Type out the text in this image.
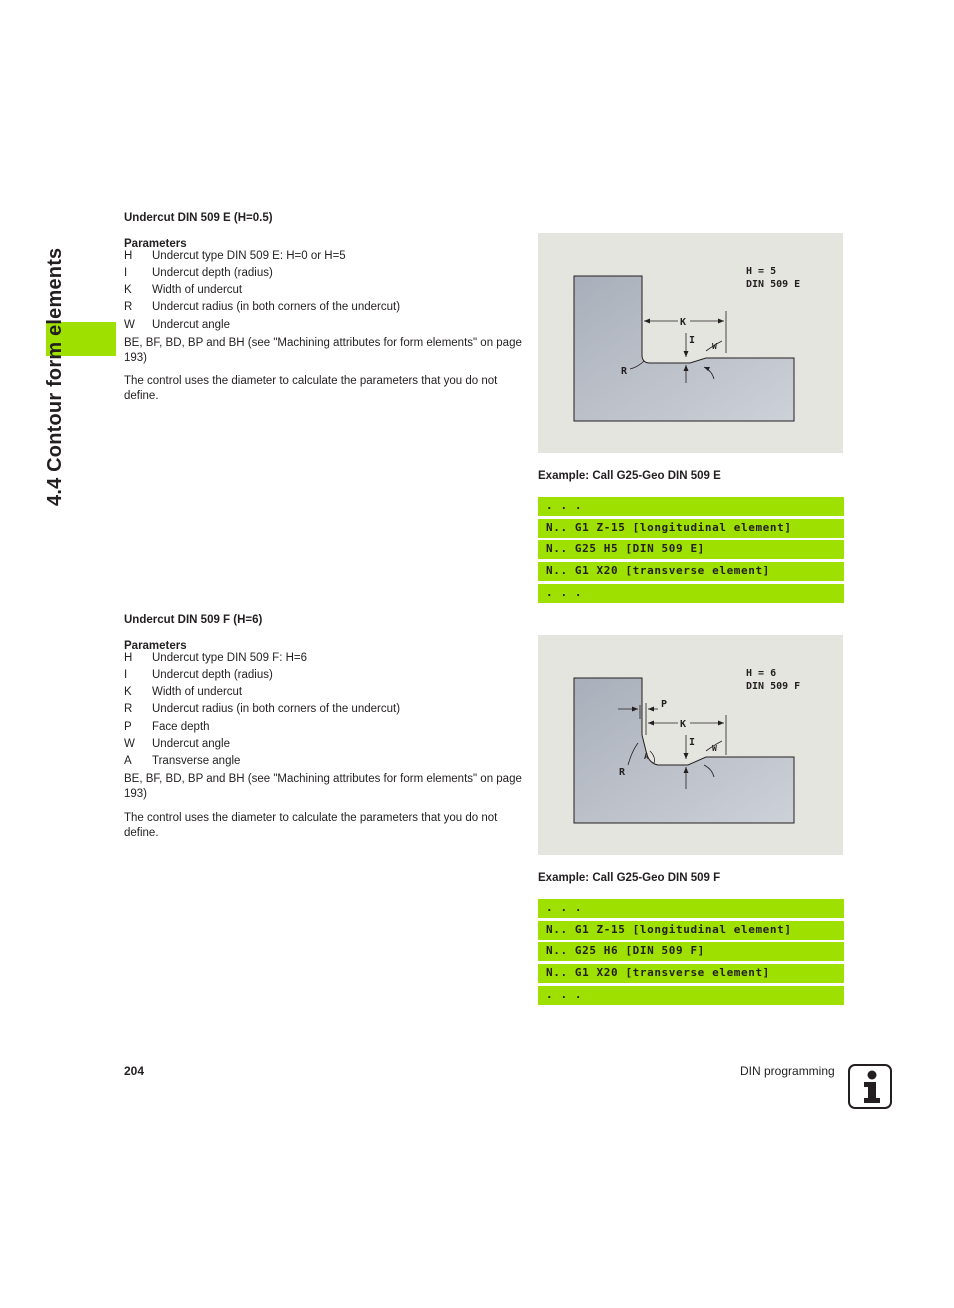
4.4 Contour form elements
Undercut DIN 509 E (H=0.5)
Parameters
H Undercut type DIN 509 E: H=0 or H=5
I Undercut depth (radius)
K Width of undercut
R Undercut radius (in both corners of the undercut)
W Undercut angle
BE, BF, BD, BP and BH (see "Machining attributes for form elements" on page 193)
The control uses the diameter to calculate the parameters that you do not define.
H = 5
DIN 509 E
K
I
W
R
Example: Call G25-Geo DIN 509 E
. . .
N.. G1 Z-15 [longitudinal element]
N.. G25 H5 [DIN 509 E]
N.. G1 X20 [transverse element]
. . .
Undercut DIN 509 F (H=6)
Parameters
H Undercut type DIN 509 F: H=6
I Undercut depth (radius)
K Width of undercut
R Undercut radius (in both corners of the undercut)
P Face depth
W Undercut angle
A Transverse angle
BE, BF, BD, BP and BH (see "Machining attributes for form elements" on page 193)
The control uses the diameter to calculate the parameters that you do not define.
H = 6
DIN 509 F
P
K
I
W
A
R
Example: Call G25-Geo DIN 509 F
. . .
N.. G1 Z-15 [longitudinal element]
N.. G25 H6 [DIN 509 F]
N.. G1 X20 [transverse element]
. . .
204	DIN programming
